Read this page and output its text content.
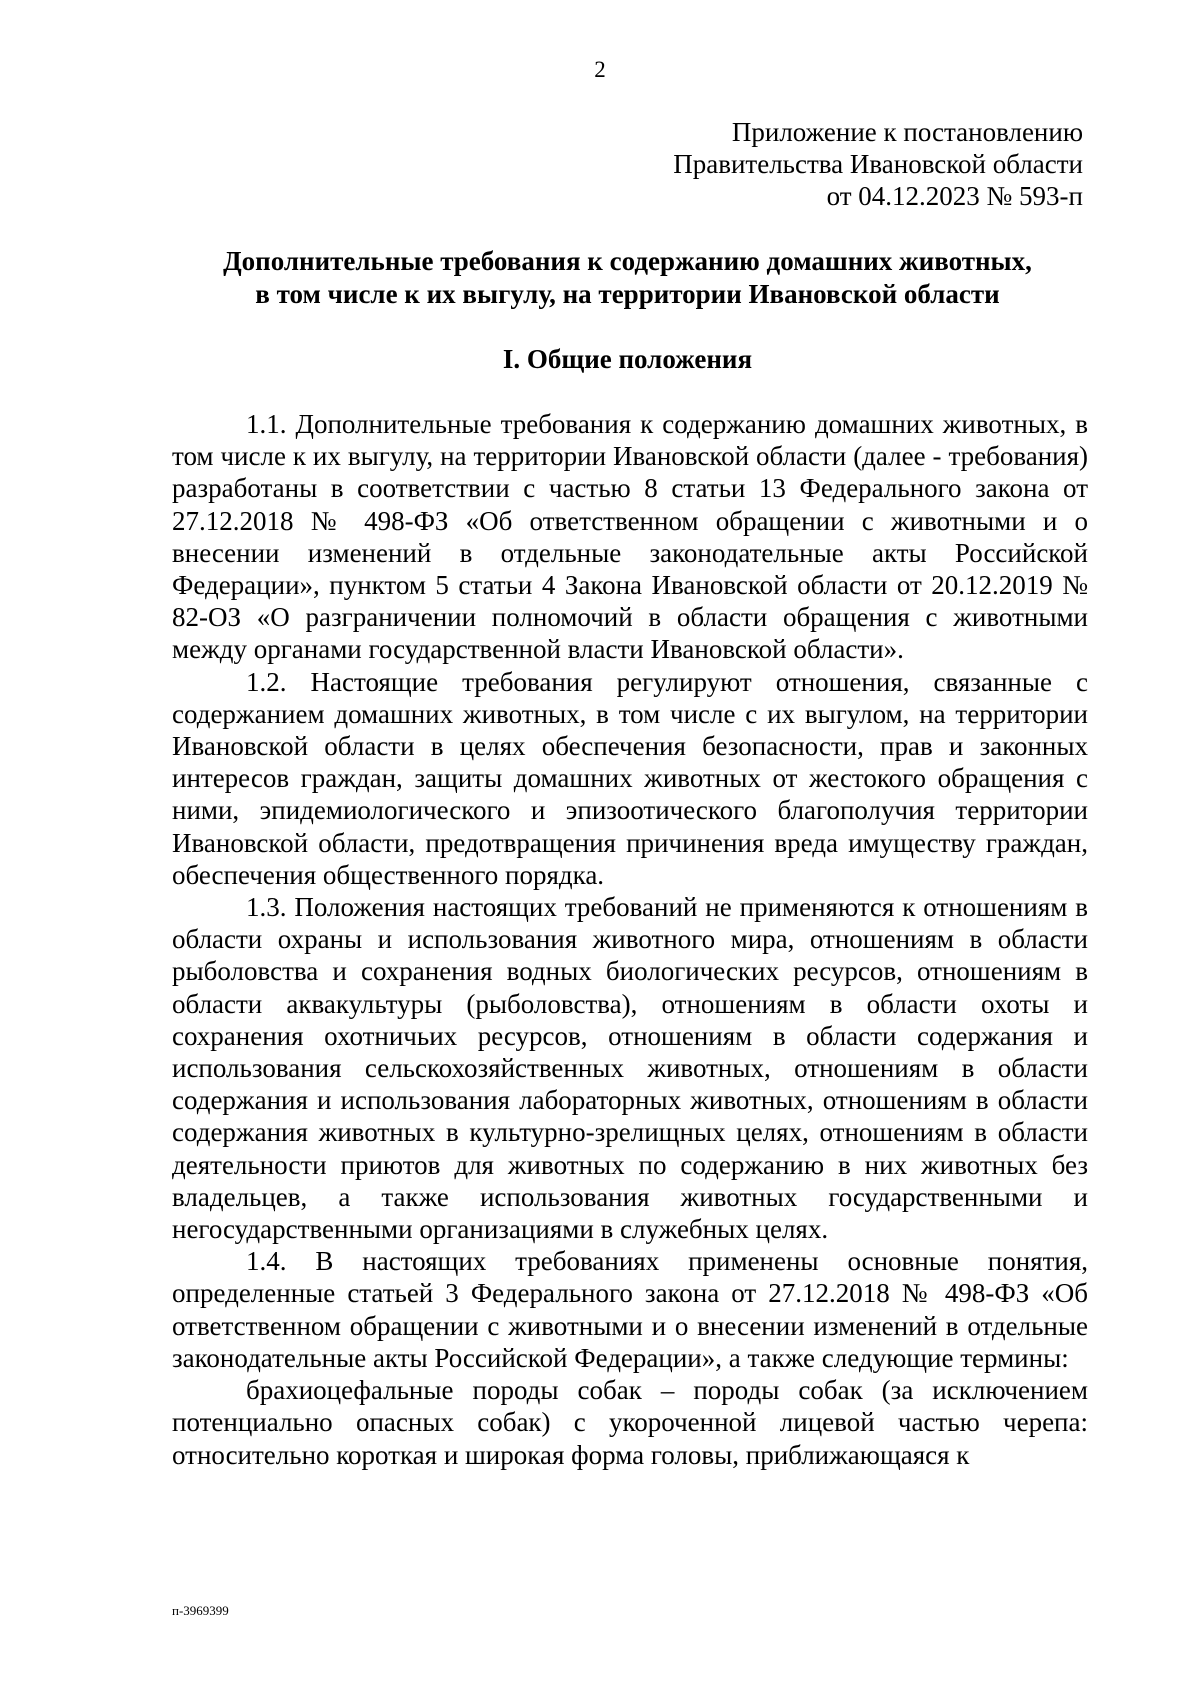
2
Приложение к постановлению
Правительства Ивановской области
от 04.12.2023 № 593-п
Дополнительные требования к содержанию домашних животных,
в том числе к их выгулу, на территории Ивановской области
I. Общие положения

1.1. Дополнительные требования к содержанию домашних животных, в том числе к их выгулу, на территории Ивановской области (далее - требования) разработаны в соответствии с частью 8 статьи 13 Федерального закона от 27.12.2018 № 498-ФЗ «Об ответственном обращении с животными и о внесении изменений в отдельные законодательные акты Российской Федерации», пунктом 5 статьи 4 Закона Ивановской области от 20.12.2019 № 82-ОЗ «О разграничении полномочий в области обращения с животными между органами государственной власти Ивановской области».

1.2. Настоящие требования регулируют отношения, связанные с содержанием домашних животных, в том числе с их выгулом, на территории Ивановской области в целях обеспечения безопасности, прав и законных интересов граждан, защиты домашних животных от жестокого обращения с ними, эпидемиологического и эпизоотического благополучия территории Ивановской области, предотвращения причинения вреда имуществу граждан, обеспечения общественного порядка.

1.3. Положения настоящих требований не применяются к отношениям в области охраны и использования животного мира, отношениям в области рыболовства и сохранения водных биологических ресурсов, отношениям в области аквакультуры (рыболовства), отношениям в области охоты и сохранения охотничьих ресурсов, отношениям в области содержания и использования сельскохозяйственных животных, отношениям в области содержания и использования лабораторных животных, отношениям в области содержания животных в культурно-зрелищных целях, отношениям в области деятельности приютов для животных по содержанию в них животных без владельцев, а также использования животных государственными и негосударственными организациями в служебных целях.

1.4. В настоящих требованиях применены основные понятия, определенные статьей 3 Федерального закона от 27.12.2018 № 498-ФЗ «Об ответственном обращении с животными и о внесении изменений в отдельные законодательные акты Российской Федерации», а также следующие термины:

брахиоцефальные породы собак – породы собак (за исключением потенциально опасных собак) с укороченной лицевой частью черепа: относительно короткая и широкая форма головы, приближающаяся к

п-3969399
